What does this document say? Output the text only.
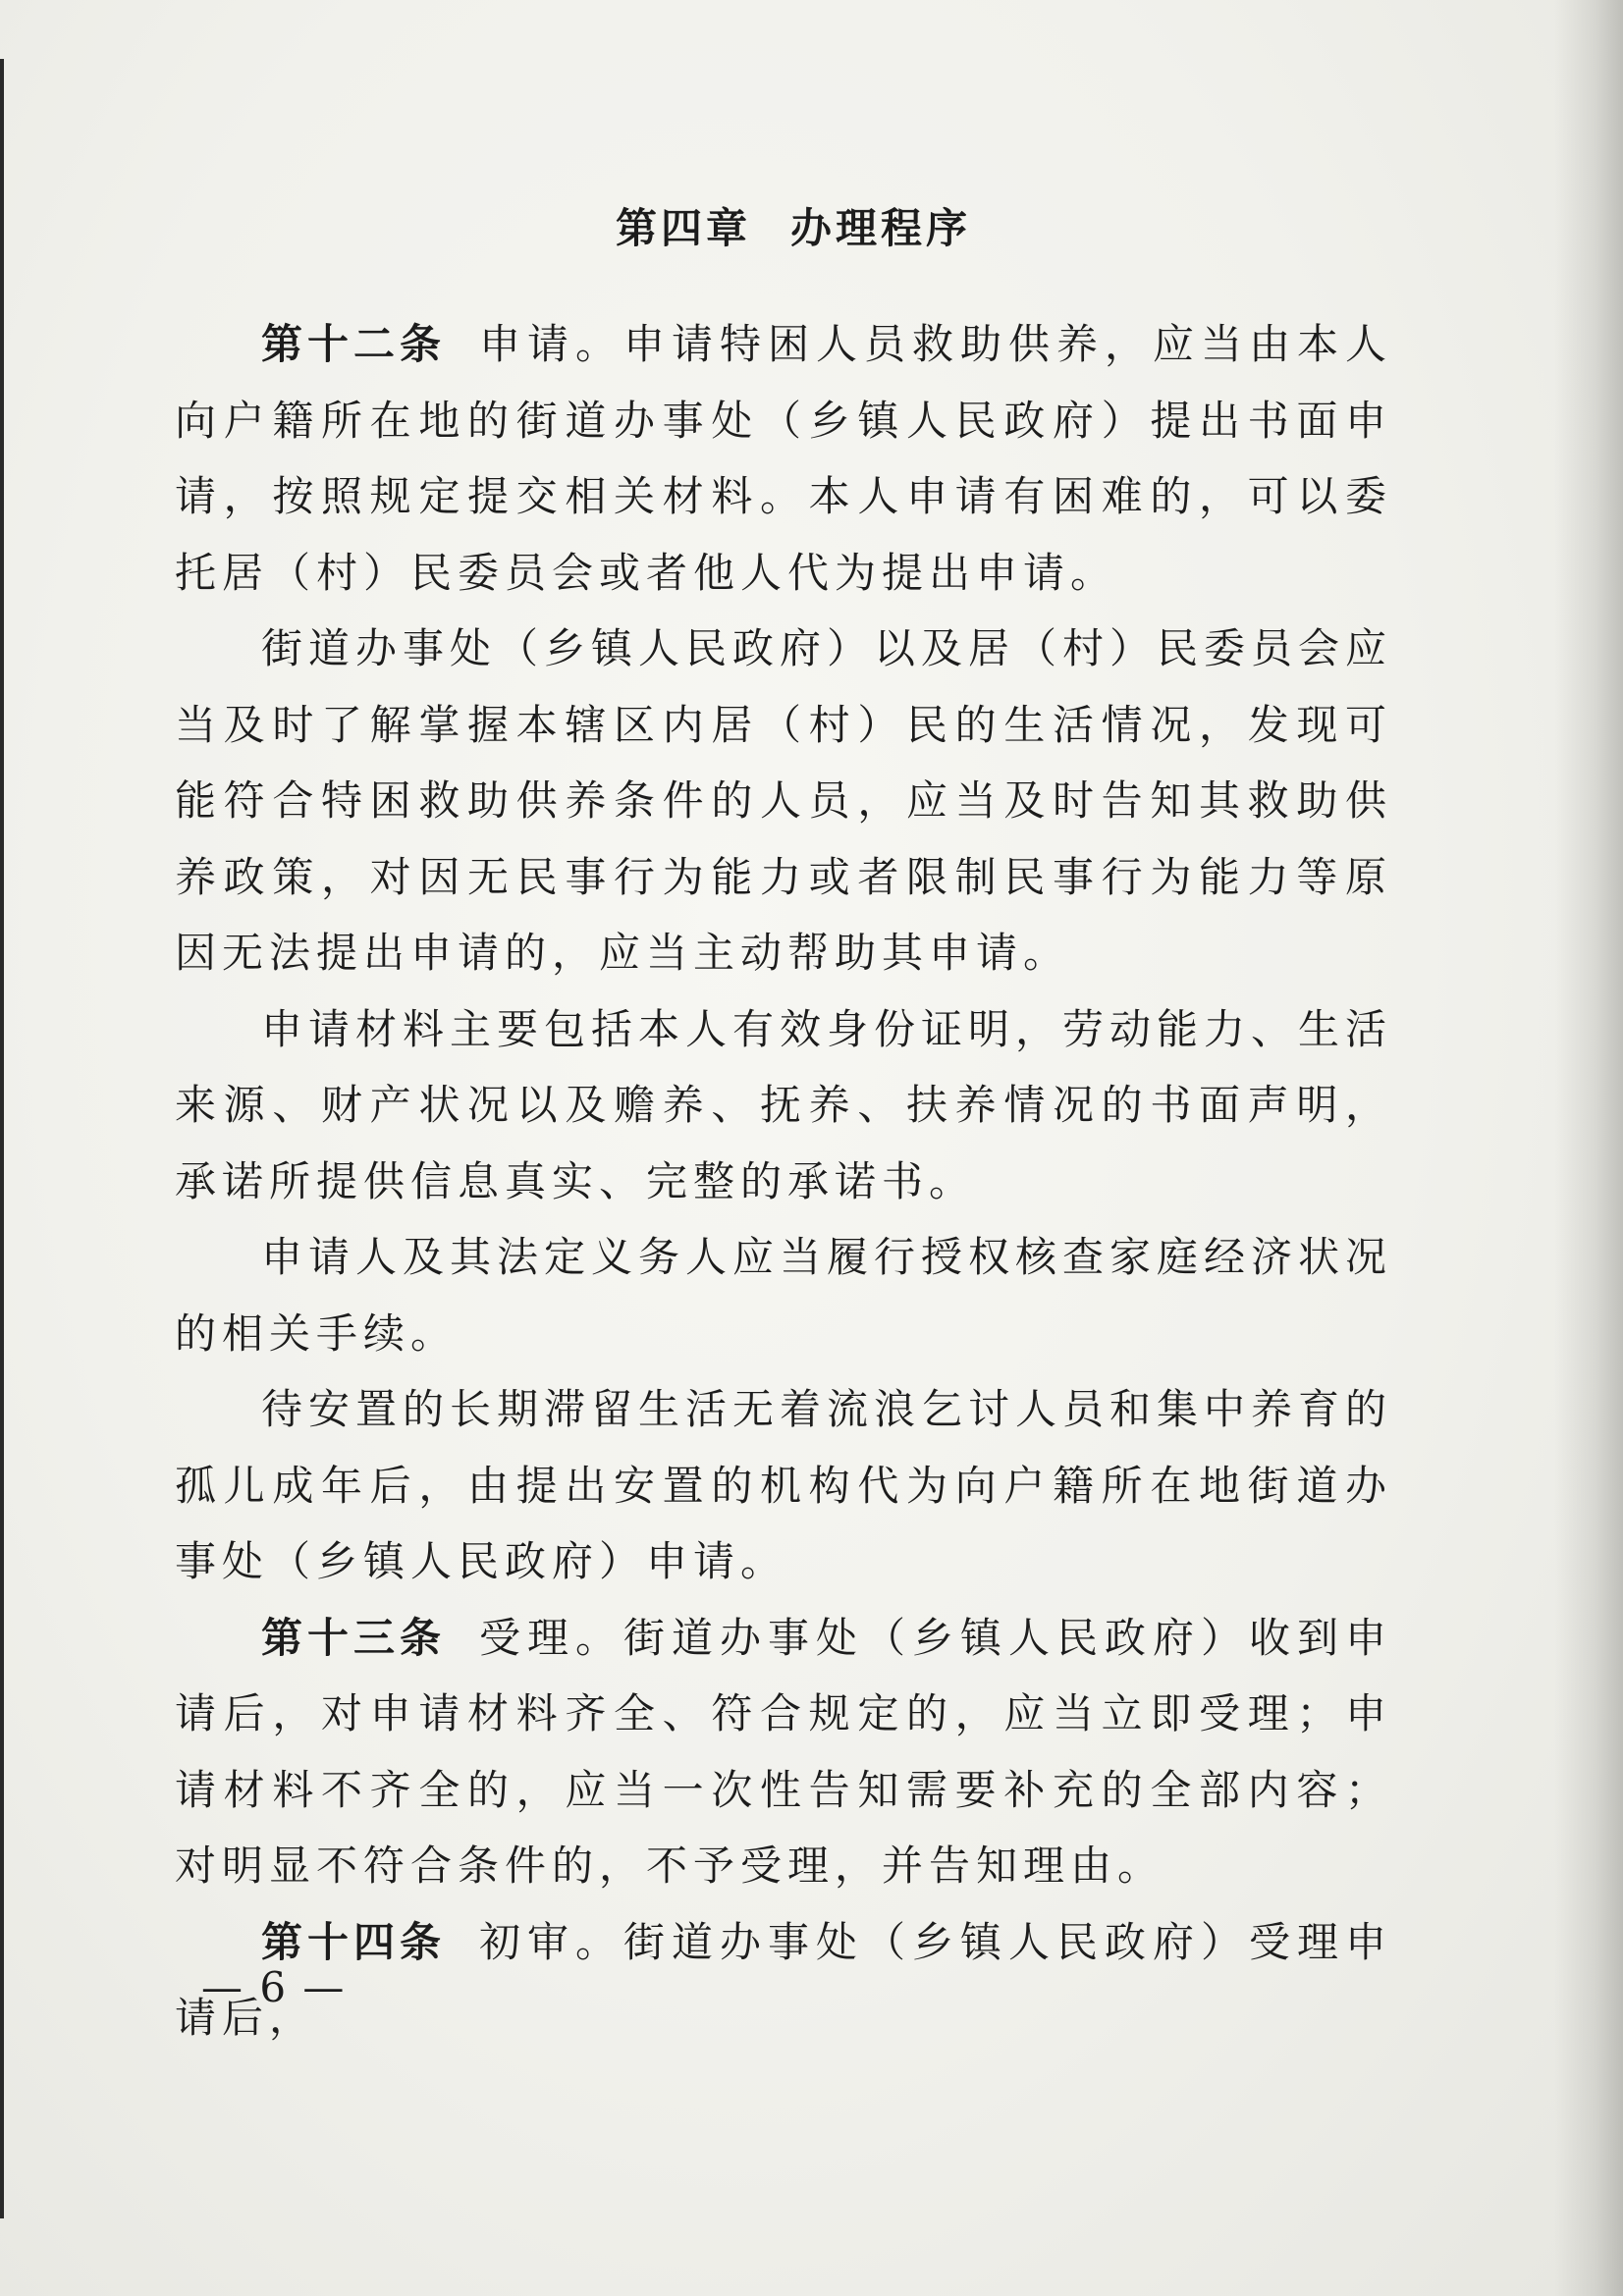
第四章 办理程序

第十二条 申请。申请特困人员救助供养，应当由本人向户籍所在地的街道办事处（乡镇人民政府）提出书面申请，按照规定提交相关材料。本人申请有困难的，可以委托居（村）民委员会或者他人代为提出申请。

街道办事处（乡镇人民政府）以及居（村）民委员会应当及时了解掌握本辖区内居（村）民的生活情况，发现可能符合特困救助供养条件的人员，应当及时告知其救助供养政策，对因无民事行为能力或者限制民事行为能力等原因无法提出申请的，应当主动帮助其申请。

申请材料主要包括本人有效身份证明，劳动能力、生活来源、财产状况以及赡养、抚养、扶养情况的书面声明，承诺所提供信息真实、完整的承诺书。

申请人及其法定义务人应当履行授权核查家庭经济状况的相关手续。

待安置的长期滞留生活无着流浪乞讨人员和集中养育的孤儿成年后，由提出安置的机构代为向户籍所在地街道办事处（乡镇人民政府）申请。

第十三条 受理。街道办事处（乡镇人民政府）收到申请后，对申请材料齐全、符合规定的，应当立即受理；申请材料不齐全的，应当一次性告知需要补充的全部内容；对明显不符合条件的，不予受理，并告知理由。

第十四条 初审。街道办事处（乡镇人民政府）受理申请后，

— 6 —
